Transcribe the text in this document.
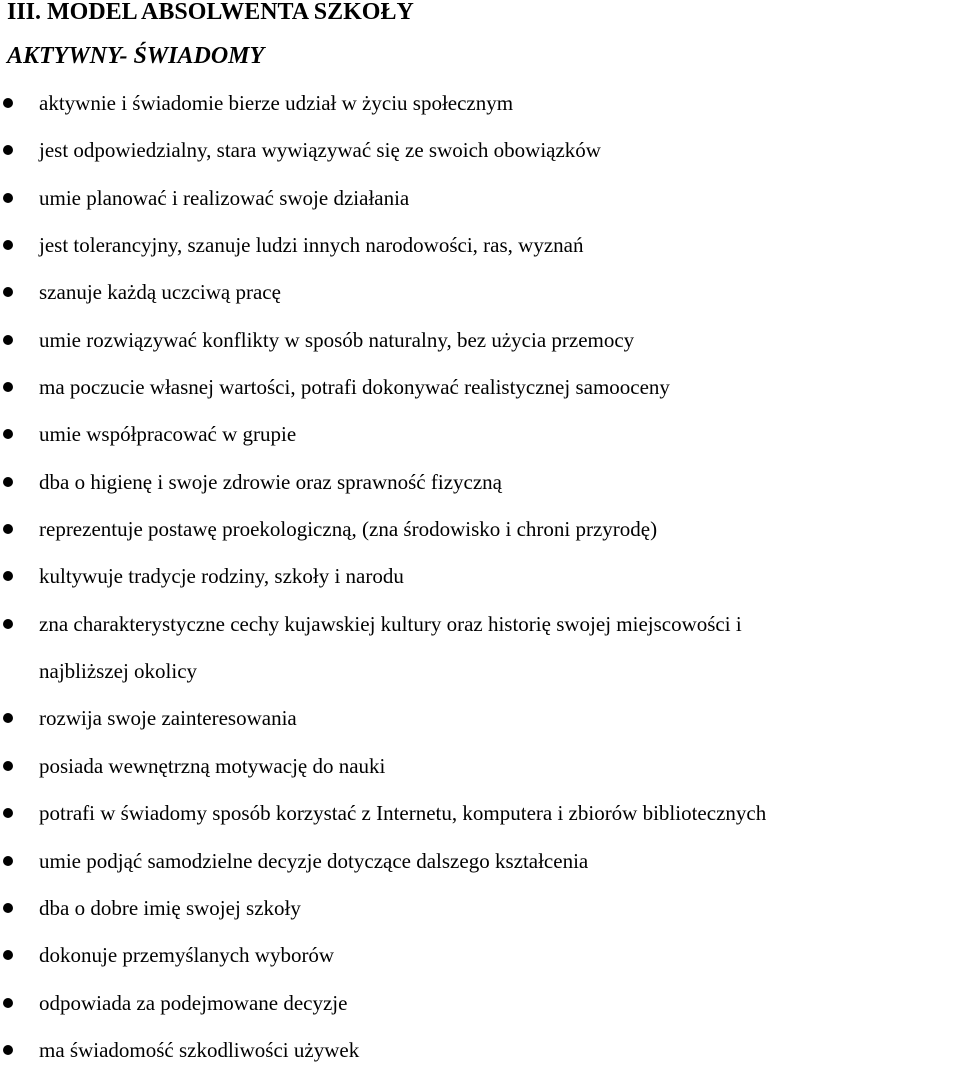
III. MODEL ABSOLWENTA SZKOŁY
AKTYWNY- ŚWIADOMY
aktywnie i świadomie bierze udział w życiu społecznym
jest odpowiedzialny, stara wywiązywać się ze swoich obowiązków
umie planować i realizować swoje działania
jest tolerancyjny, szanuje ludzi innych narodowości, ras, wyznań
szanuje każdą uczciwą pracę
umie rozwiązywać konflikty w sposób naturalny, bez użycia przemocy
ma poczucie własnej wartości, potrafi dokonywać realistycznej samooceny
umie współpracować w grupie
dba o higienę i swoje zdrowie oraz sprawność fizyczną
reprezentuje postawę proekologiczną, (zna środowisko i chroni przyrodę)
kultywuje tradycje rodziny, szkoły i narodu
zna charakterystyczne cechy kujawskiej kultury oraz historię swojej miejscowości i
najbliższej okolicy
rozwija swoje zainteresowania
posiada wewnętrzną motywację do nauki
potrafi w świadomy sposób korzystać z Internetu, komputera i zbiorów bibliotecznych
umie podjąć samodzielne decyzje dotyczące dalszego kształcenia
dba o dobre imię swojej szkoły
dokonuje przemyślanych wyborów
odpowiada za podejmowane decyzje
ma świadomość szkodliwości używek
